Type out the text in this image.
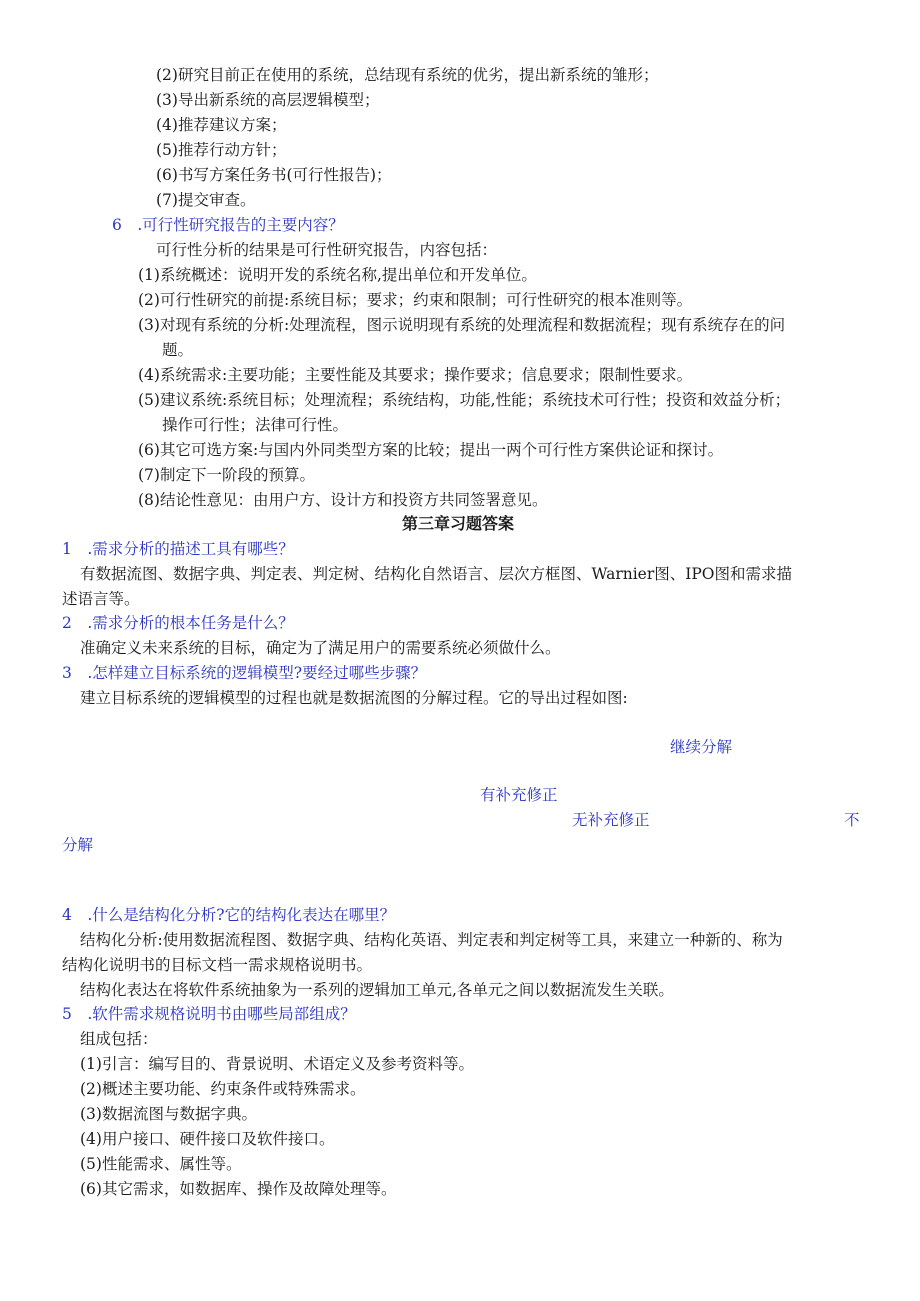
(2)研究目前正在使用的系统，总结现有系统的优劣，提出新系统的雏形；
(3)导出新系统的高层逻辑模型；
(4)推荐建议方案；
(5)推荐行动方针；
(6)书写方案任务书(可行性报告)；
(7)提交审查。
6　.可行性研究报告的主要内容？
可行性分析的结果是可行性研究报告，内容包括：
(1)系统概述：说明开发的系统名称,提出单位和开发单位。
(2)可行性研究的前提:系统目标；要求；约束和限制；可行性研究的根本准则等。
(3)对现有系统的分析:处理流程，图示说明现有系统的处理流程和数据流程；现有系统存在的问
题。
(4)系统需求:主要功能；主要性能及其要求；操作要求；信息要求；限制性要求。
(5)建议系统:系统目标；处理流程；系统结构，功能,性能；系统技术可行性；投资和效益分析；
操作可行性；法律可行性。
(6)其它可选方案:与国内外同类型方案的比较；提出一两个可行性方案供论证和探讨。
(7)制定下一阶段的预算。
(8)结论性意见：由用户方、设计方和投资方共同签署意见。
第三章习题答案
1　.需求分析的描述工具有哪些？
有数据流图、数据字典、判定表、判定树、结构化自然语言、层次方框图、Warnier图、IPO图和需求描
述语言等。
2　.需求分析的根本任务是什么？
准确定义未来系统的目标，确定为了满足用户的需要系统必须做什么。
3　.怎样建立目标系统的逻辑模型?要经过哪些步骤？
建立目标系统的逻辑模型的过程也就是数据流图的分解过程。它的导出过程如图:
继续分解
有补充修正
无补充修正	不
分解
4　.什么是结构化分析?它的结构化表达在哪里？
结构化分析:使用数据流程图、数据字典、结构化英语、判定表和判定树等工具，来建立一种新的、称为
结构化说明书的目标文档一需求规格说明书。
结构化表达在将软件系统抽象为一系列的逻辑加工单元,各单元之间以数据流发生关联。
5　.软件需求规格说明书由哪些局部组成？
组成包括：
(1)引言：编写目的、背景说明、术语定义及参考资料等。
(2)概述主要功能、约束条件或特殊需求。
(3)数据流图与数据字典。
(4)用户接口、硬件接口及软件接口。
(5)性能需求、属性等。
(6)其它需求，如数据库、操作及故障处理等。
